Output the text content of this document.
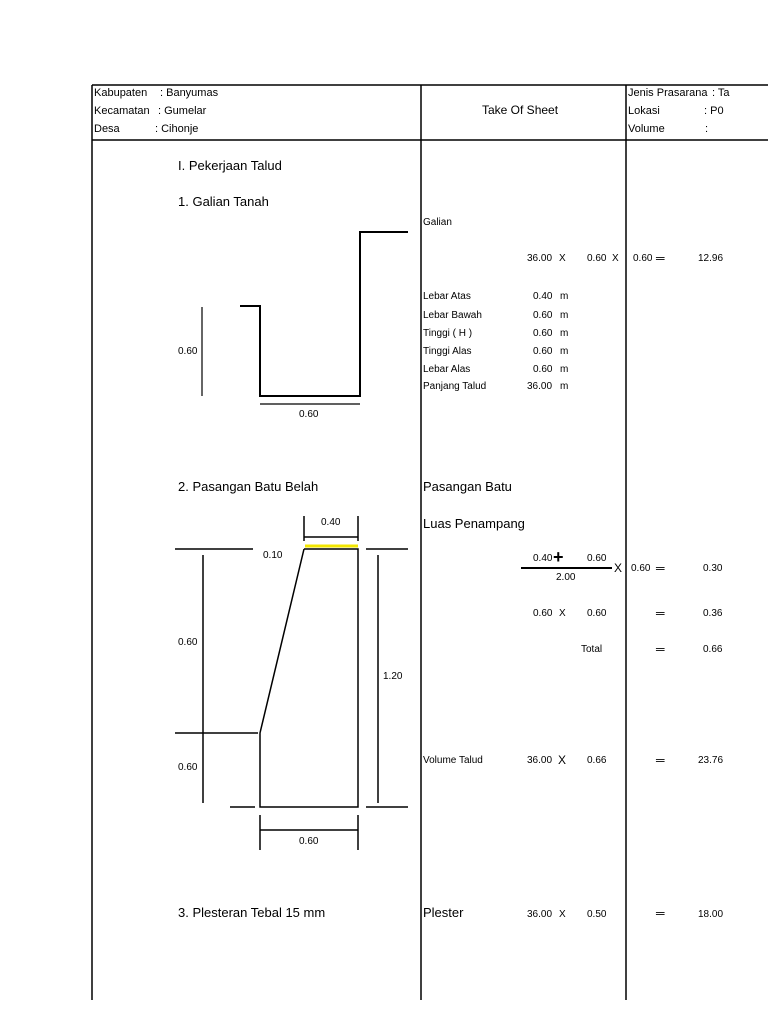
Kabupaten : Banyumas
Kecamatan : Gumelar
Desa	: Cihonje
Take Of Sheet
Jenis Prasarana : Ta
Lokasi	: P0
Volume	:
I. Pekerjaan Talud
1. Galian Tanah
Galian
36.00 X 0.60 X 0.60 ═	12.96
0.60
0.60
Lebar Atas	0.40 m
Lebar Bawah	0.60 m
Tinggi ( H )	0.60 m
Tinggi Alas	0.60 m
Lebar Alas	0.60 m
Panjang Talud	36.00 m
2. Pasangan Batu Belah	Pasangan Batu
Luas Penampang
0.40
0.10
0.60
0.60
1.20
0.60
0.40 + 0.60
2.00
X 0.60 ═	0.30
0.60 X 0.60	═	0.36
Total	═	0.66
Volume Talud	36.00 X 0.66	═	23.76
3. Plesteran Tebal 15 mm	Plester	36.00 X 0.50	═	18.00
